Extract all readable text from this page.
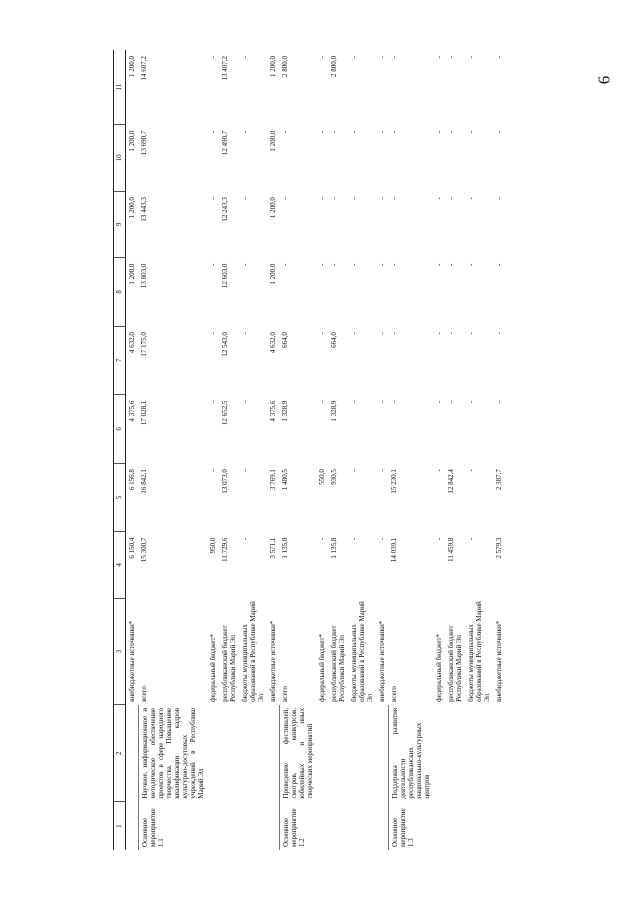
6
1	2	3	4	5	6	7	8	9	10	11
		внебюджетные источники*	6 150,4	6 156,8	4 375,6	4 632,0	1 200,0	1 200,0	1 200,0	1 200,0
Основное мероприятие 1.1	Научное, информационное и методическое обеспечение проектов в сфере народного творчества. Повышение квалификации кадров культурно-досуговых учреждений в Республике Марий Эл	всего	15 300,7	16 842,1	17 028,1	17 175,0	13 803,0	13 443,3	13 690,7	14 607,2
		федеральный бюджет*	950,0	-	-	-	-	-	-	-
		республиканский бюджет Республики Марий Эл	11 729,6	13 073,0	12 652,5	12 543,0	12 603,0	12 243,3	12 490,7	13 407,2
		бюджеты муниципальных образований в Республике Марий Эл	-	-	-	-	-	-	-	-
		внебюджетные источники*	3 571,1	3 769,1	4 375,6	4 632,0	1 200,0	1 200,0	1 200,0	1 200,0
Основное мероприятие 1.2	Проведение фестивалей, смотров, конкурсов, юбилейных и иных творческих мероприятий	всего	1 135,8	1 480,5	1 328,9	664,0	-	-	-	2 800,0
		федеральный бюджет*	-	550,0	-	-	-	-	-	-
		республиканский бюджет Республики Марий Эл	1 135,8	930,5	1 328,9	664,0	-	-	-	2 800,0
		бюджеты муниципальных образований в Республике Марий Эл	-	-	-	-	-	-	-	-
		внебюджетные источники*	-	-	-	-	-	-	-	-
Основное мероприятие 1.3	Поддержка развития деятельности республиканских национально-культурных центров	всего	14 039,1	15 230,1	-	-	-	-	-	-
		федеральный бюджет*	-	-	-	-	-	-	-	-
		республиканский бюджет Республики Марий Эл	11 459,8	12 842,4	-	-	-	-	-	-
		бюджеты муниципальных образований в Республике Марий Эл	-	-	-	-	-	-	-	-
		внебюджетные источники*	2 579,3	2 387,7	-	-	-	-	-	-
